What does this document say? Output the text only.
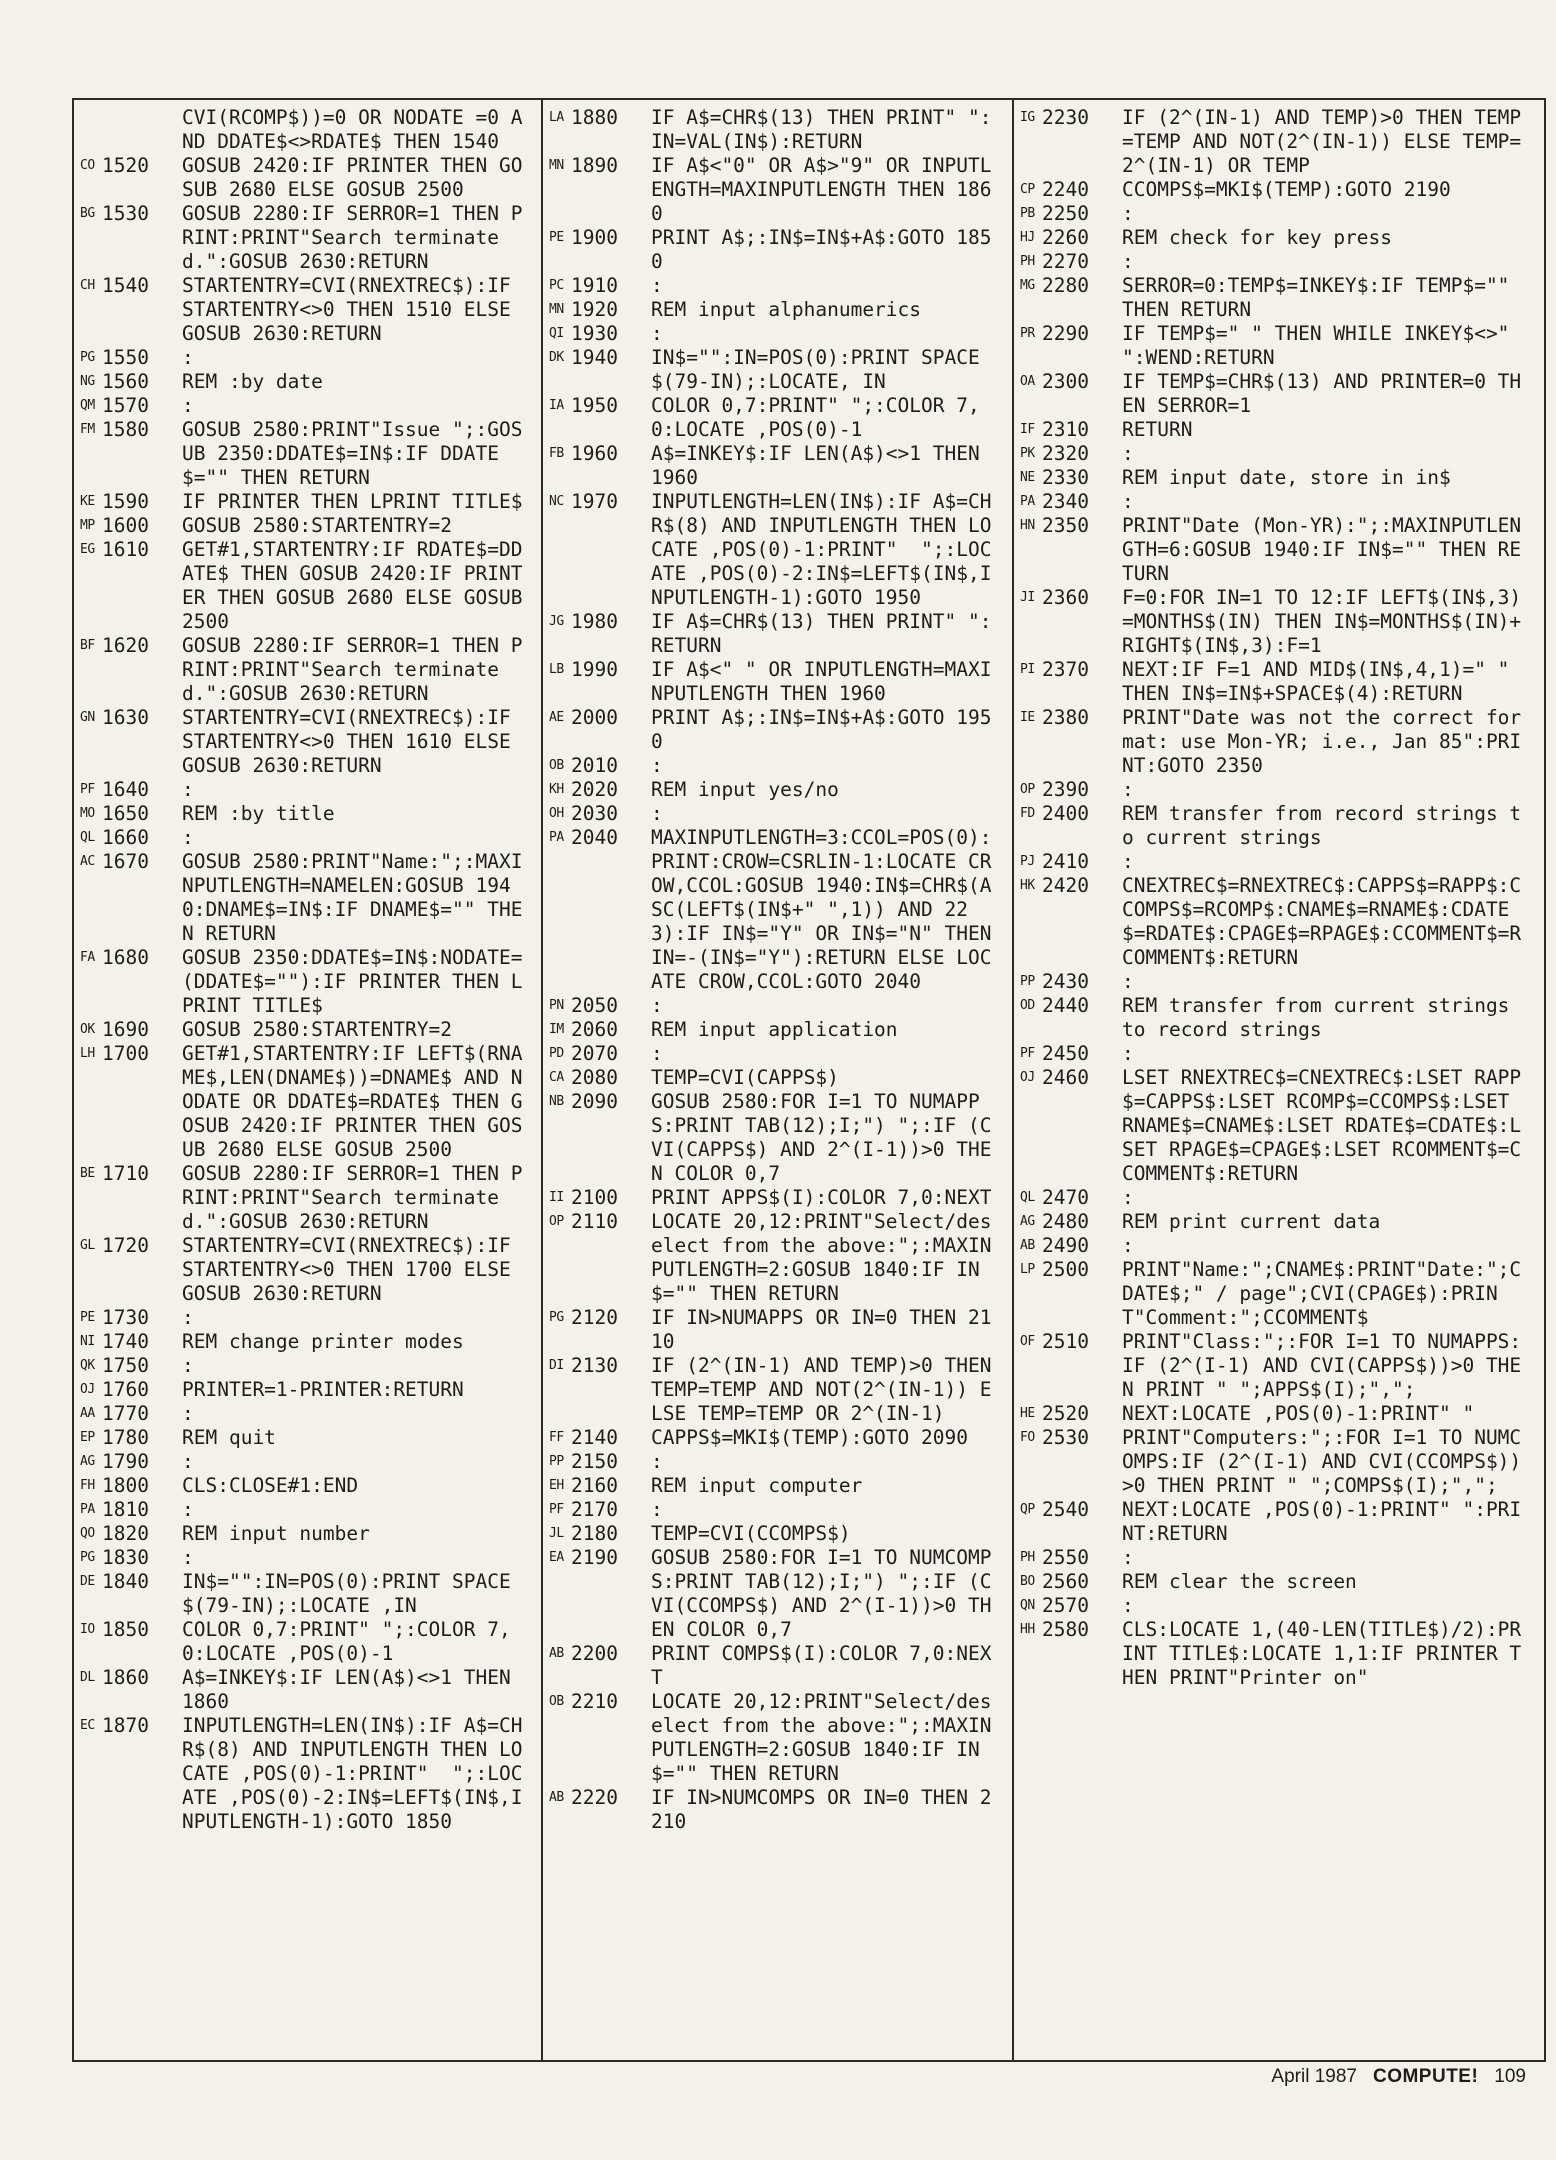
CVI(RCOMP$))=0 OR NODATE =0 AND DDATE$<>RDATE$ THEN 1540
CO 1520	GOSUB 2420:IF PRINTER THEN GOSUB 2680 ELSE GOSUB 2500
BG 1530	GOSUB 2280:IF SERROR=1 THEN PRINT:PRINT"Search terminated.":GOSUB 2630:RETURN
CH 1540	STARTENTRY=CVI(RNEXTREC$):IF STARTENTRY<>0 THEN 1510 ELSE GOSUB 2630:RETURN
PG 1550	:
NG 1560	REM :by date
QM 1570	:
FM 1580	GOSUB 2580:PRINT"Issue ";:GOSUB 2350:DDATE$=IN$:IF DDATE$="" THEN RETURN
KE 1590	IF PRINTER THEN LPRINT TITLE$
MP 1600	GOSUB 2580:STARTENTRY=2
EG 1610	GET#1,STARTENTRY:IF RDATE$=DDATE$ THEN GOSUB 2420:IF PRINTER THEN GOSUB 2680 ELSE GOSUB 2500
BF 1620	GOSUB 2280:IF SERROR=1 THEN PRINT:PRINT"Search terminated.":GOSUB 2630:RETURN
GN 1630	STARTENTRY=CVI(RNEXTREC$):IF STARTENTRY<>0 THEN 1610 ELSE GOSUB 2630:RETURN
PF 1640	:
MO 1650	REM :by title
QL 1660	:
AC 1670	GOSUB 2580:PRINT"Name:";:MAXINPUTLENGTH=NAMELEN:GOSUB 1940:DNAME$=IN$:IF DNAME$="" THEN RETURN
FA 1680	GOSUB 2350:DDATE$=IN$:NODATE=(DDATE$=""):IF PRINTER THEN LPRINT TITLE$
OK 1690	GOSUB 2580:STARTENTRY=2
LH 1700	GET#1,STARTENTRY:IF LEFT$(RNAME$,LEN(DNAME$))=DNAME$ AND NODATE OR DDATE$=RDATE$ THEN GOSUB 2420:IF PRINTER THEN GOSUB 2680 ELSE GOSUB 2500
BE 1710	GOSUB 2280:IF SERROR=1 THEN PRINT:PRINT"Search terminated.":GOSUB 2630:RETURN
GL 1720	STARTENTRY=CVI(RNEXTREC$):IF STARTENTRY<>0 THEN 1700 ELSE GOSUB 2630:RETURN
PE 1730	:
NI 1740	REM change printer modes
QK 1750	:
OJ 1760	PRINTER=1-PRINTER:RETURN
AA 1770	:
EP 1780	REM quit
AG 1790	:
FH 1800	CLS:CLOSE#1:END
PA 1810	:
QO 1820	REM input number
PG 1830	:
DE 1840	IN$="":IN=POS(0):PRINT SPACE$(79-IN);:LOCATE ,IN
IO 1850	COLOR 0,7:PRINT" ";:COLOR 7,0:LOCATE ,POS(0)-1
DL 1860	A$=INKEY$:IF LEN(A$)<>1 THEN 1860
EC 1870	INPUTLENGTH=LEN(IN$):IF A$=CHR$(8) AND INPUTLENGTH THEN LOCATE ,POS(0)-1:PRINT"  ";:LOCATE ,POS(0)-2:IN$=LEFT$(IN$,INPUTLENGTH-1):GOTO 1850
LA 1880	IF A$=CHR$(13) THEN PRINT" ":IN=VAL(IN$):RETURN
MN 1890	IF A$<"0" OR A$>"9" OR INPUTLENGTH=MAXINPUTLENGTH THEN 1860
PE 1900	PRINT A$;:IN$=IN$+A$:GOTO 1850
PC 1910	:
MN 1920	REM input alphanumerics
QI 1930	:
DK 1940	IN$="":IN=POS(0):PRINT SPACE$(79-IN);:LOCATE, IN
IA 1950	COLOR 0,7:PRINT" ";:COLOR 7,0:LOCATE ,POS(0)-1
FB 1960	A$=INKEY$:IF LEN(A$)<>1 THEN 1960
NC 1970	INPUTLENGTH=LEN(IN$):IF A$=CHR$(8) AND INPUTLENGTH THEN LOCATE ,POS(0)-1:PRINT"  ";:LOCATE ,POS(0)-2:IN$=LEFT$(IN$,INPUTLENGTH-1):GOTO 1950
JG 1980	IF A$=CHR$(13) THEN PRINT" ":RETURN
LB 1990	IF A$<" " OR INPUTLENGTH=MAXINPUTLENGTH THEN 1960
AE 2000	PRINT A$;:IN$=IN$+A$:GOTO 1950
OB 2010	:
KH 2020	REM input yes/no
OH 2030	:
PA 2040	MAXINPUTLENGTH=3:CCOL=POS(0):PRINT:CROW=CSRLIN-1:LOCATE CROW,CCOL:GOSUB 1940:IN$=CHR$(ASC(LEFT$(IN$+" ",1)) AND 223):IF IN$="Y" OR IN$="N" THEN IN=-(IN$="Y"):RETURN ELSE LOCATE CROW,CCOL:GOTO 2040
PN 2050	:
IM 2060	REM input application
PD 2070	:
CA 2080	TEMP=CVI(CAPPS$)
NB 2090	GOSUB 2580:FOR I=1 TO NUMAPPS:PRINT TAB(12);I;") ";:IF (CVI(CAPPS$) AND 2^(I-1))>0 THEN COLOR 0,7
II 2100	PRINT APPS$(I):COLOR 7,0:NEXT
OP 2110	LOCATE 20,12:PRINT"Select/deselect from the above:";:MAXINPUTLENGTH=2:GOSUB 1840:IF IN$="" THEN RETURN
PG 2120	IF IN>NUMAPPS OR IN=0 THEN 2110
DI 2130	IF (2^(IN-1) AND TEMP)>0 THEN TEMP=TEMP AND NOT(2^(IN-1)) ELSE TEMP=TEMP OR 2^(IN-1)
FF 2140	CAPPS$=MKI$(TEMP):GOTO 2090
PP 2150	:
EH 2160	REM input computer
PF 2170	:
JL 2180	TEMP=CVI(CCOMPS$)
EA 2190	GOSUB 2580:FOR I=1 TO NUMCOMPS:PRINT TAB(12);I;") ";:IF (CVI(CCOMPS$) AND 2^(I-1))>0 THEN COLOR 0,7
AB 2200	PRINT COMPS$(I):COLOR 7,0:NEXT
OB 2210	LOCATE 20,12:PRINT"Select/deselect from the above:";:MAXINPUTLENGTH=2:GOSUB 1840:IF IN$="" THEN RETURN
AB 2220	IF IN>NUMCOMPS OR IN=0 THEN 2210
IG 2230	IF (2^(IN-1) AND TEMP)>0 THEN TEMP=TEMP AND NOT(2^(IN-1)) ELSE TEMP=2^(IN-1) OR TEMP
CP 2240	CCOMPS$=MKI$(TEMP):GOTO 2190
PB 2250	:
HJ 2260	REM check for key press
PH 2270	:
MG 2280	SERROR=0:TEMP$=INKEY$:IF TEMP$="" THEN RETURN
PR 2290	IF TEMP$=" " THEN WHILE INKEY$<>" ":WEND:RETURN
OA 2300	IF TEMP$=CHR$(13) AND PRINTER=0 THEN SERROR=1
IF 2310	RETURN
PK 2320	:
NE 2330	REM input date, store in in$
PA 2340	:
HN 2350	PRINT"Date (Mon-YR):";:MAXINPUTLENGTH=6:GOSUB 1940:IF IN$="" THEN RETURN
JI 2360	F=0:FOR IN=1 TO 12:IF LEFT$(IN$,3)=MONTHS$(IN) THEN IN$=MONTHS$(IN)+RIGHT$(IN$,3):F=1
PI 2370	NEXT:IF F=1 AND MID$(IN$,4,1)=" " THEN IN$=IN$+SPACE$(4):RETURN
IE 2380	PRINT"Date was not the correct format: use Mon-YR; i.e., Jan 85":PRINT:GOTO 2350
OP 2390	:
FD 2400	REM transfer from record strings to current strings
PJ 2410	:
HK 2420	CNEXTREC$=RNEXTREC$:CAPPS$=RAPP$:CCOMPS$=RCOMP$:CNAME$=RNAME$:CDATE$=RDATE$:CPAGE$=RPAGE$:CCOMMENT$=RCOMMENT$:RETURN
PP 2430	:
OD 2440	REM transfer from current strings to record strings
PF 2450	:
OJ 2460	LSET RNEXTREC$=CNEXTREC$:LSET RAPP$=CAPPS$:LSET RCOMP$=CCOMPS$:LSET RNAME$=CNAME$:LSET RDATE$=CDATE$:LSET RPAGE$=CPAGE$:LSET RCOMMENT$=CCOMMENT$:RETURN
QL 2470	:
AG 2480	REM print current data
AB 2490	:
LP 2500	PRINT"Name:";CNAME$:PRINT"Date:";CDATE$;" / page";CVI(CPAGE$):PRINT"Comment:";CCOMMENT$
OF 2510	PRINT"Class:";:FOR I=1 TO NUMAPPS:IF (2^(I-1) AND CVI(CAPPS$))>0 THEN PRINT " ";APPS$(I);",";
HE 2520	NEXT:LOCATE ,POS(0)-1:PRINT" "
FO 2530	PRINT"Computers:";:FOR I=1 TO NUMCOMPS:IF (2^(I-1) AND CVI(CCOMPS$))>0 THEN PRINT " ";COMPS$(I);",";
QP 2540	NEXT:LOCATE ,POS(0)-1:PRINT" ":PRINT:RETURN
PH 2550	:
BO 2560	REM clear the screen
QN 2570	:
HH 2580	CLS:LOCATE 1,(40-LEN(TITLE$)/2):PRINT TITLE$:LOCATE 1,1:IF PRINTER THEN PRINT"Printer on"
April 1987 COMPUTE! 109
